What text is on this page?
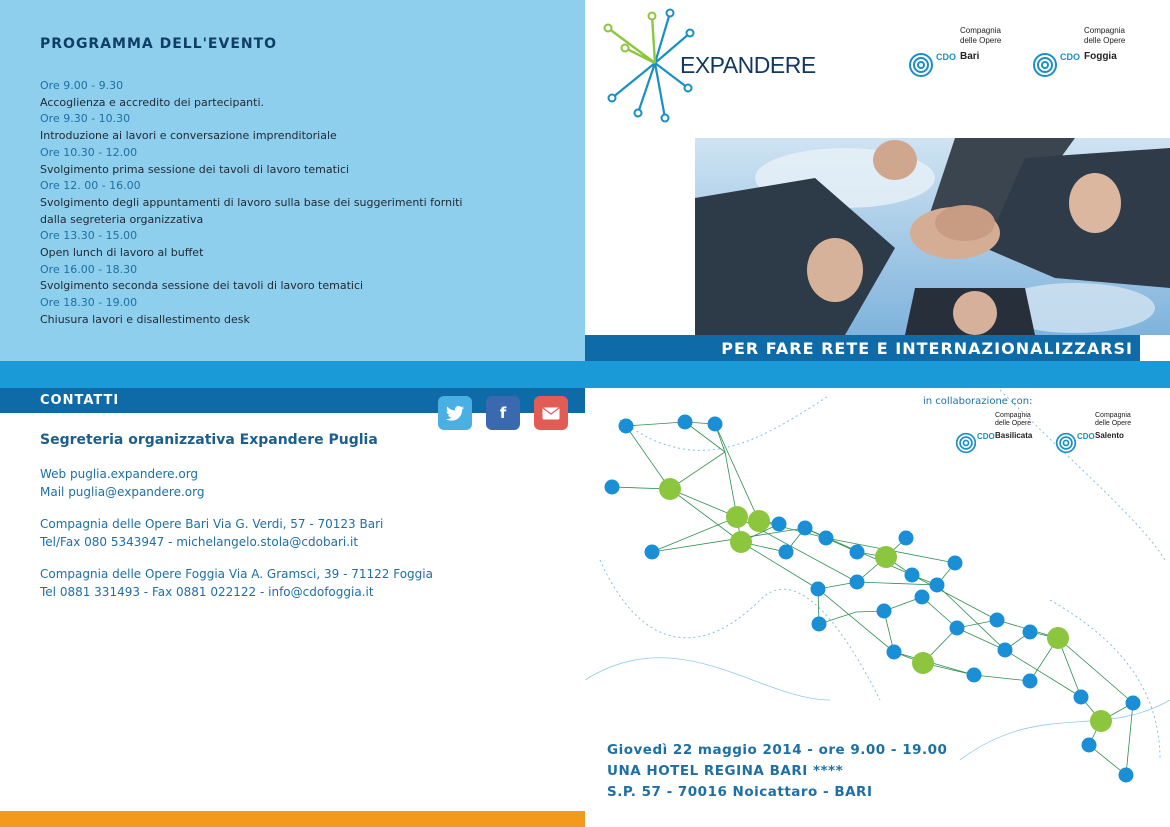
PROGRAMMA DELL'EVENTO
Ore 9.00 - 9.30
Accoglienza e accredito dei partecipanti.
Ore 9.30 - 10.30
Introduzione ai lavori e conversazione imprenditoriale
Ore 10.30 - 12.00
Svolgimento prima sessione dei tavoli di lavoro tematici
Ore 12. 00 - 16.00
Svolgimento degli appuntamenti di lavoro sulla base dei suggerimenti forniti
dalla segreteria organizzativa
Ore 13.30 - 15.00
Open lunch di lavoro al buffet
Ore 16.00 - 18.30
Svolgimento seconda sessione dei tavoli di lavoro tematici
Ore 18.30 - 19.00
Chiusura lavori e disallestimento desk
CONTATTI
f
Segreteria organizzativa Expandere Puglia
Web puglia.expandere.org
Mail puglia@expandere.org
Compagnia delle Opere Bari Via G. Verdi, 57 - 70123 Bari
Tel/Fax 080 5343947 - michelangelo.stola@cdobari.it
Compagnia delle Opere Foggia Via A. Gramsci, 39 - 71122 Foggia
Tel 0881 331493 - Fax 0881 022122 - info@cdofoggia.it
EXPANDERE
Compagnia delle Opere
CDO Bari
Compagnia delle Opere
CDO Foggia
PER FARE RETE E INTERNAZIONALIZZARSI
in collaborazione con:
Compagnia delle Opere
CDO Basilicata
Compagnia delle Opere
CDO Salento
Giovedì 22 maggio 2014 - ore 9.00 - 19.00
UNA HOTEL REGINA BARI ****
S.P. 57 - 70016 Noicattaro - BARI
